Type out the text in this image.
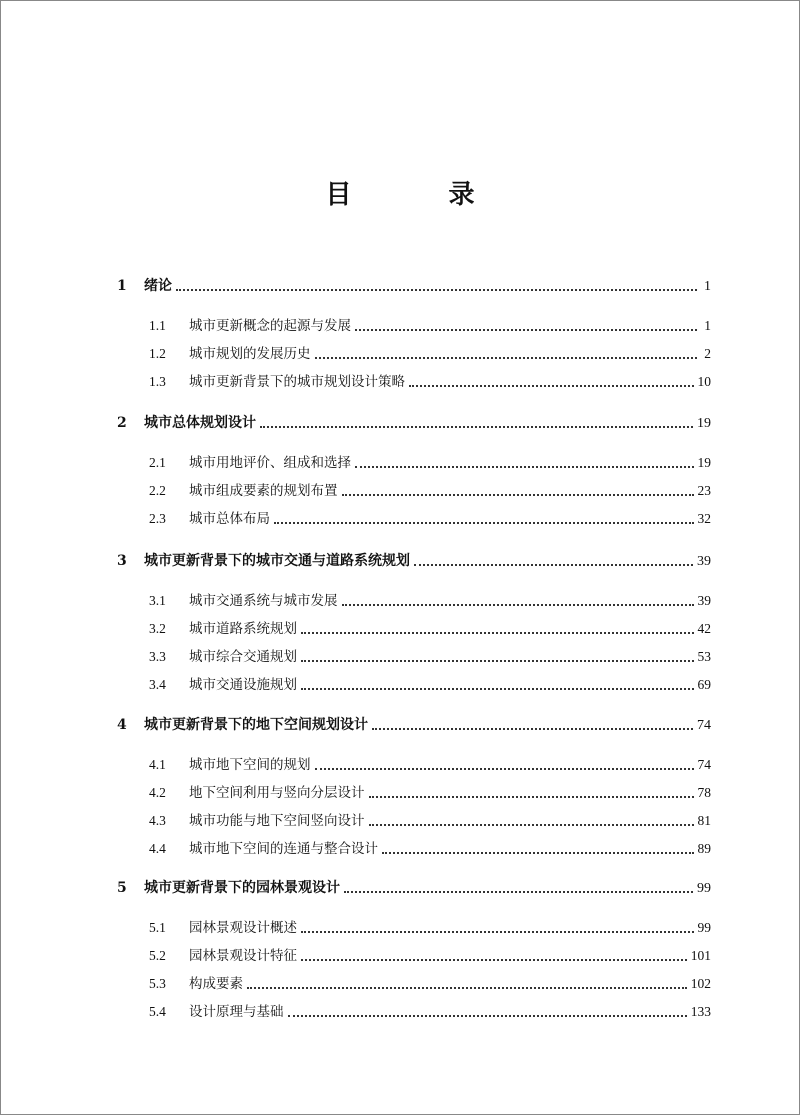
目 录
1	绪论	1
1.1	城市更新概念的起源与发展	1
1.2	城市规划的发展历史	2
1.3	城市更新背景下的城市规划设计策略	10
2	城市总体规划设计	19
2.1	城市用地评价、组成和选择	19
2.2	城市组成要素的规划布置	23
2.3	城市总体布局	32
3	城市更新背景下的城市交通与道路系统规划	39
3.1	城市交通系统与城市发展	39
3.2	城市道路系统规划	42
3.3	城市综合交通规划	53
3.4	城市交通设施规划	69
4	城市更新背景下的地下空间规划设计	74
4.1	城市地下空间的规划	74
4.2	地下空间利用与竖向分层设计	78
4.3	城市功能与地下空间竖向设计	81
4.4	城市地下空间的连通与整合设计	89
5	城市更新背景下的园林景观设计	99
5.1	园林景观设计概述	99
5.2	园林景观设计特征	101
5.3	构成要素	102
5.4	设计原理与基础	133
